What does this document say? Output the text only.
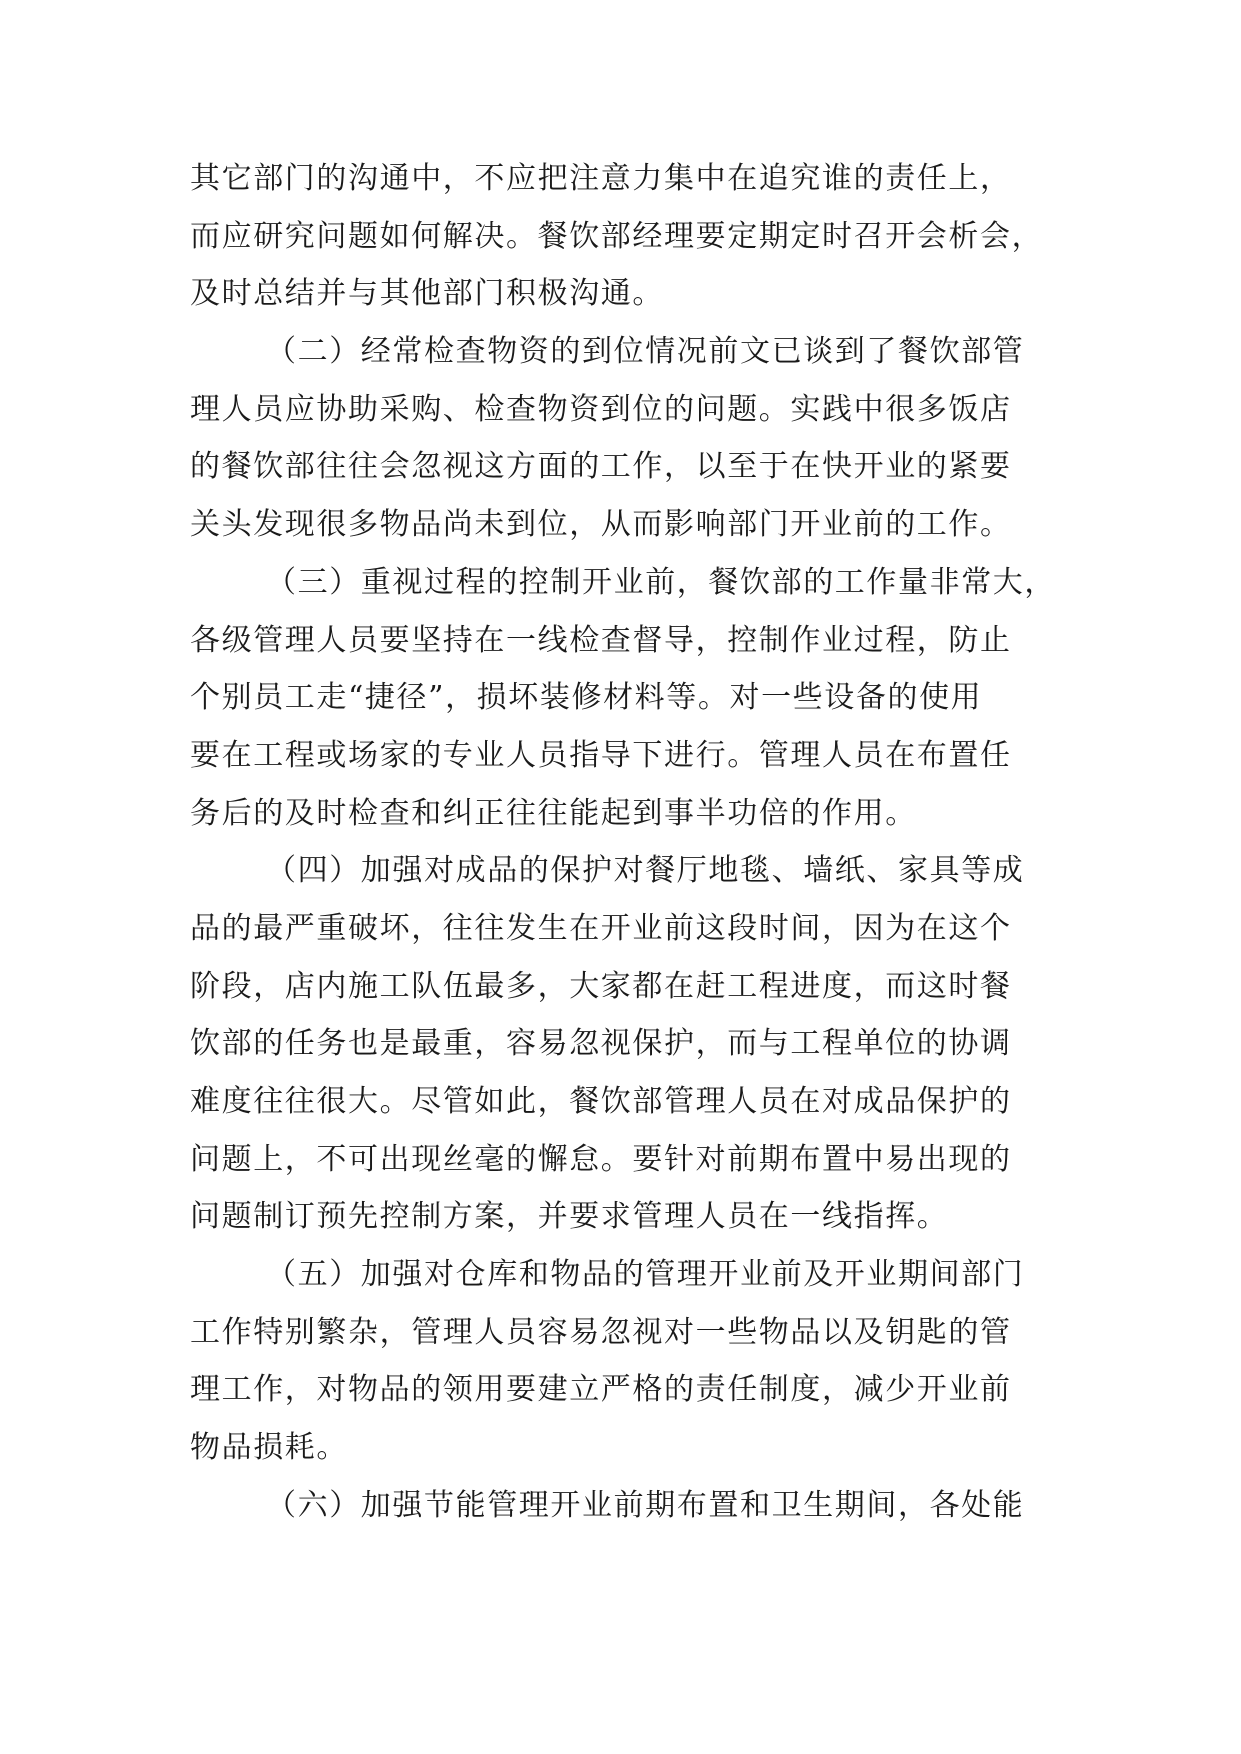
其它部门的沟通中，不应把注意力集中在追究谁的责任上，
而应研究问题如何解决。餐饮部经理要定期定时召开会析会，
及时总结并与其他部门积极沟通。
（二）经常检查物资的到位情况前文已谈到了餐饮部管
理人员应协助采购、检查物资到位的问题。实践中很多饭店
的餐饮部往往会忽视这方面的工作，以至于在快开业的紧要
关头发现很多物品尚未到位，从而影响部门开业前的工作。
（三）重视过程的控制开业前，餐饮部的工作量非常大，
各级管理人员要坚持在一线检查督导，控制作业过程，防止
个别员工走“捷径”，损坏装修材料等。对一些设备的使用
要在工程或场家的专业人员指导下进行。管理人员在布置任
务后的及时检查和纠正往往能起到事半功倍的作用。
（四）加强对成品的保护对餐厅地毯、墙纸、家具等成
品的最严重破坏，往往发生在开业前这段时间，因为在这个
阶段，店内施工队伍最多，大家都在赶工程进度，而这时餐
饮部的任务也是最重，容易忽视保护，而与工程单位的协调
难度往往很大。尽管如此，餐饮部管理人员在对成品保护的
问题上，不可出现丝毫的懈怠。要针对前期布置中易出现的
问题制订预先控制方案，并要求管理人员在一线指挥。
（五）加强对仓库和物品的管理开业前及开业期间部门
工作特别繁杂，管理人员容易忽视对一些物品以及钥匙的管
理工作，对物品的领用要建立严格的责任制度，减少开业前
物品损耗。
（六）加强节能管理开业前期布置和卫生期间，各处能
